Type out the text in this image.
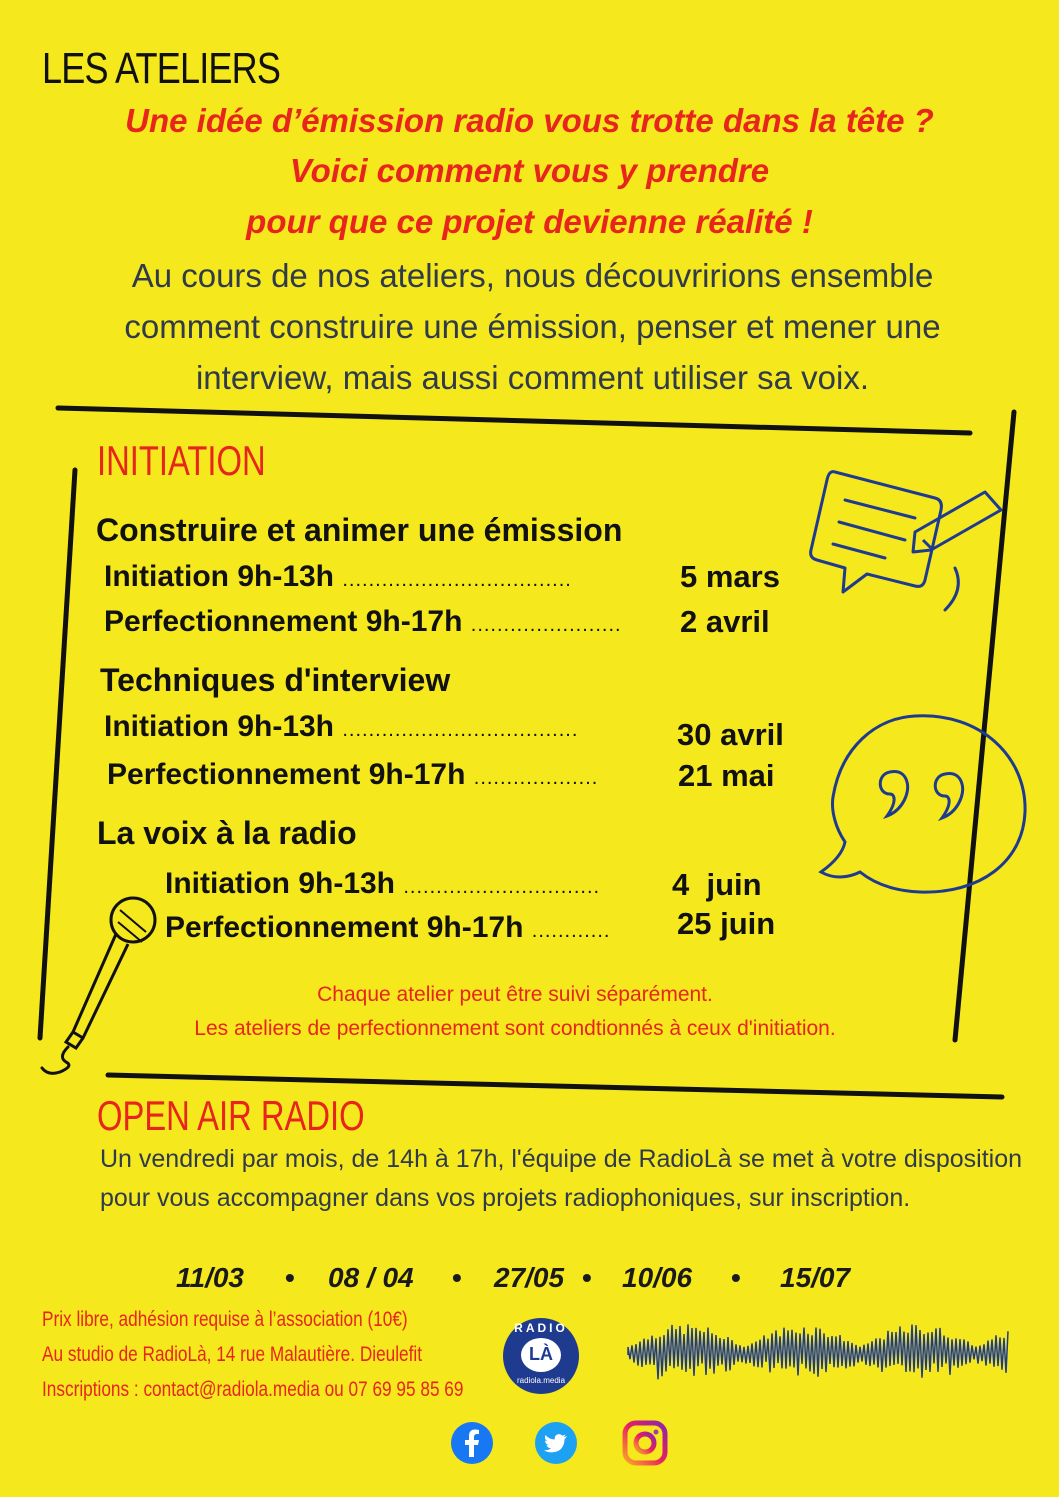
LES ATELIERS
Une idée d’émission radio vous trotte dans la tête ?
Voici comment vous y prendre
pour que ce projet devienne réalité !
Au cours de nos ateliers, nous découvririons ensemble
comment construire une émission, penser et mener une
interview, mais aussi comment utiliser sa voix.
INITIATION
Construire et animer une émission
Initiation 9h-13h ...................................	5 mars
Perfectionnement 9h-17h ....................... 2 avril
Techniques d'interview
Initiation 9h-13h ....................................	30 avril
Perfectionnement 9h-17h ...................	21 mai
La voix à la radio
Initiation 9h-13h .............................. 4  juin
Perfectionnement 9h-17h ............ 25 juin
Chaque atelier peut être suivi séparément.
Les ateliers de perfectionnement sont condtionnés à ceux d'initiation.
OPEN AIR RADIO
Un vendredi par mois, de 14h à 17h, l'équipe de RadioLà se met à votre disposition pour vous accompagner dans vos projets radiophoniques, sur inscription.
11/03 • 08 / 04 • 27/05 • 10/06 • 15/07
Prix libre, adhésion requise à l’association (10€)
Au studio de RadioLà, 14 rue Malautière. Dieulefit
Inscriptions : contact@radiola.media ou 07 69 95 85 69
RADIO
LÀ
radiola.media
